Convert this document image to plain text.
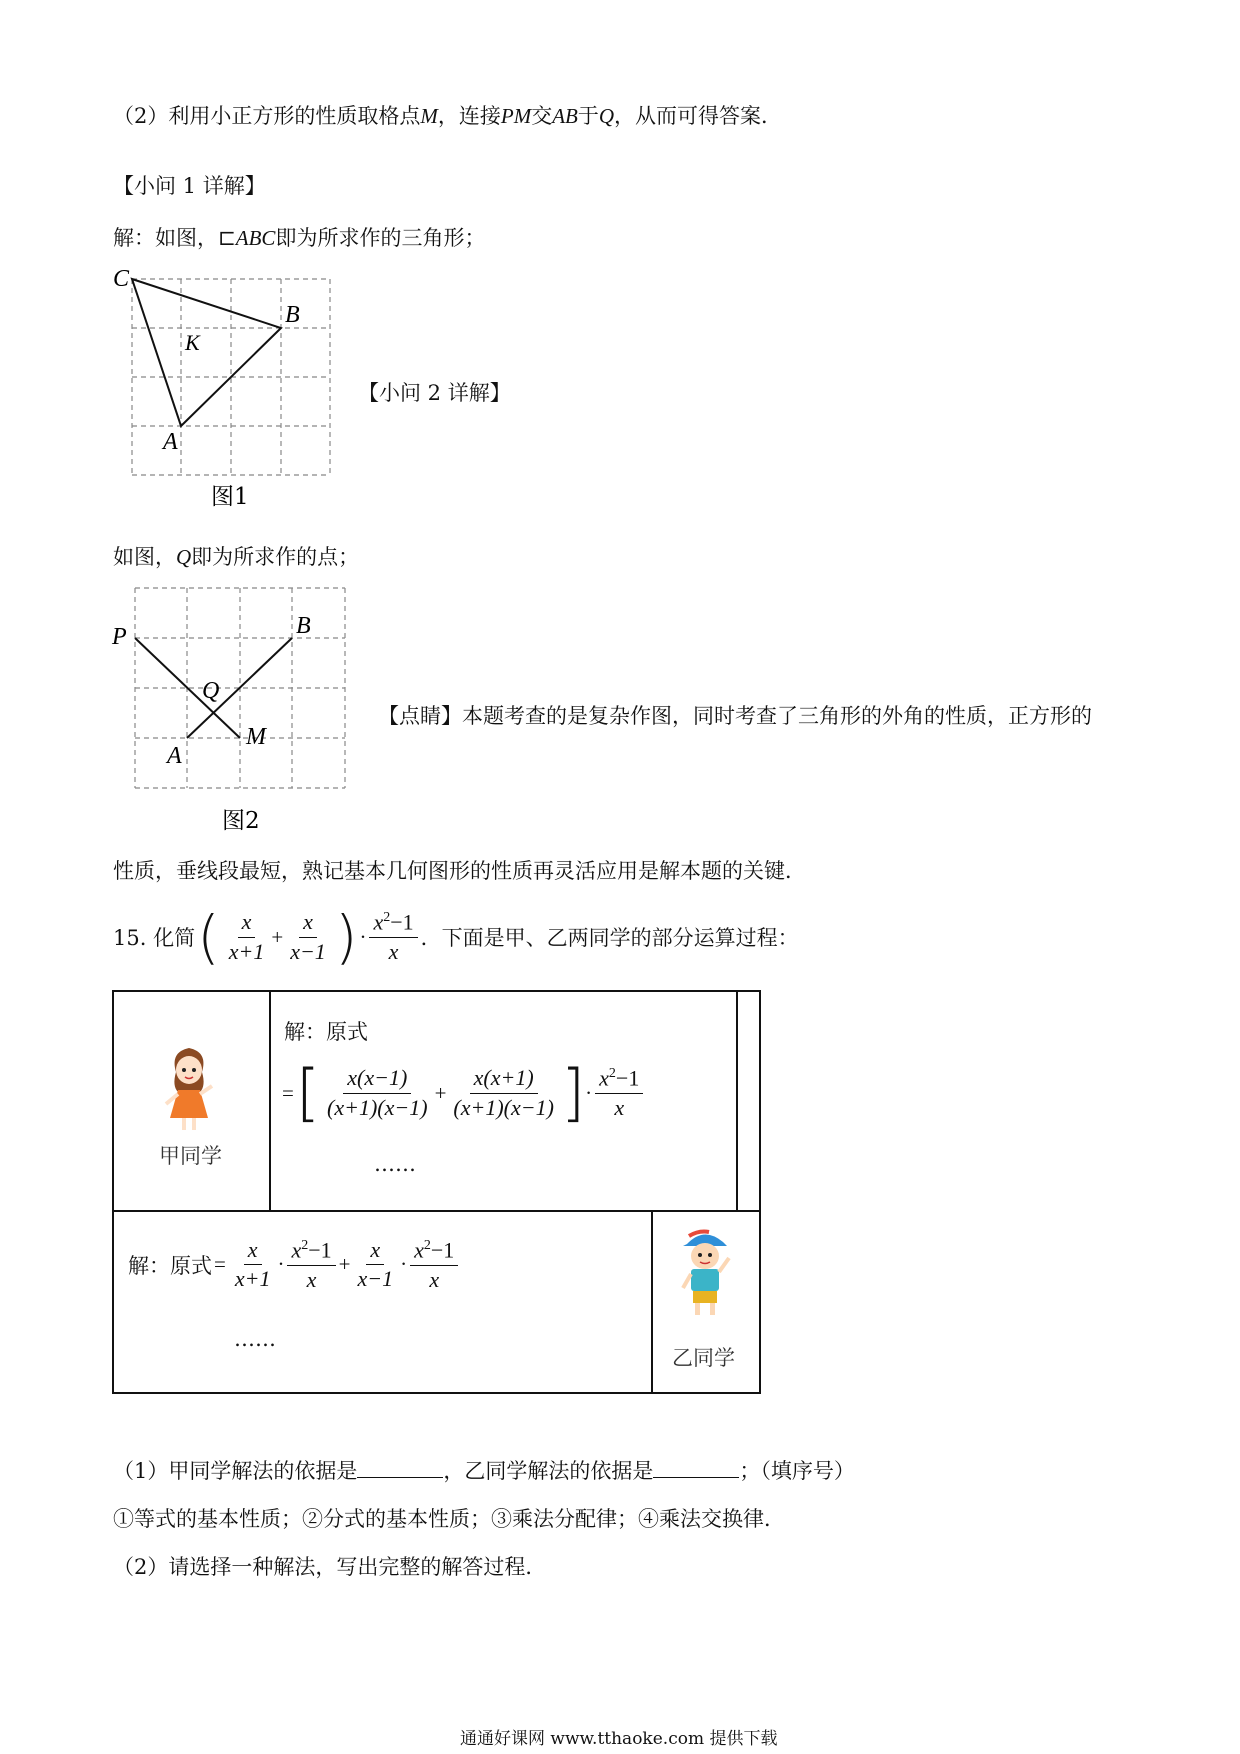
（2）利用小正方形的性质取格点M，连接PM交AB于Q，从而可得答案．
【小问 1 详解】
解：如图，⊏ABC即为所求作的三角形；
C
B
K
A
图1
【小问 2 详解】
如图，Q即为所求作的点；
P	B
Q
A
M
图2
【点睛】本题考查的是复杂作图，同时考查了三角形的外角的性质，正方形的
性质，垂线段最短，熟记基本几何图形的性质再灵活应用是解本题的关键．
15. 化简 ( $\frac{x}{x+1} + \frac{x}{x-1}$ ) · $\frac{x^2-1}{x}$ ．下面是甲、乙两同学的部分运算过程：
甲同学
解：原式
= [ $\frac{x(x-1)}{(x+1)(x-1)} + \frac{x(x+1)}{(x+1)(x-1)}$ ] · $\frac{x^2-1}{x}$
……
解：原式 = $\frac{x}{x+1} \cdot \frac{x^2-1}{x} + \frac{x}{x-1} \cdot \frac{x^2-1}{x}$
……
乙同学
（1）甲同学解法的依据是	，乙同学解法的依据是	；（填序号）
①等式的基本性质；②分式的基本性质；③乘法分配律；④乘法交换律．
（2）请选择一种解法，写出完整的解答过程．
通通好课网 www.tthaoke.com 提供下载
